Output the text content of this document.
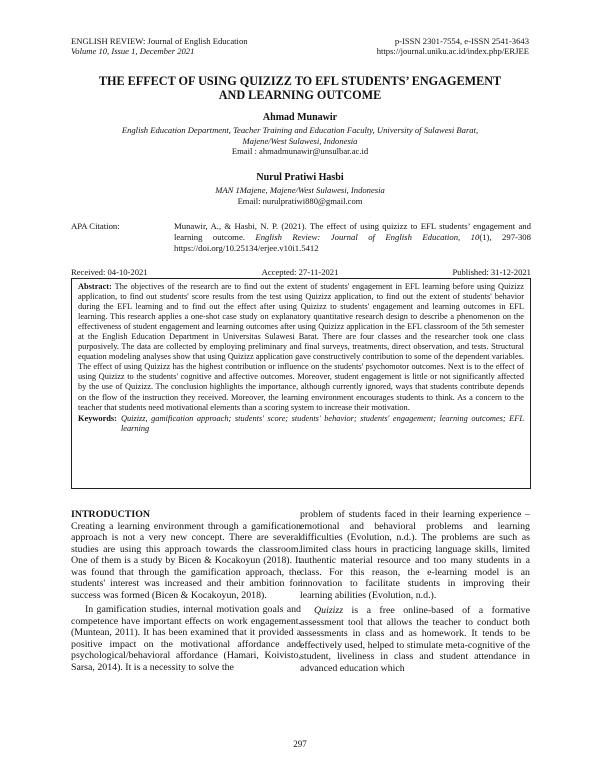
ENGLISH REVIEW: Journal of English Education
Volume 10, Issue 1, December 2021
p-ISSN 2301-7554, e-ISSN 2541-3643
https://journal.uniku.ac.id/index.php/ERJEE
THE EFFECT OF USING QUIZIZZ TO EFL STUDENTS’ ENGAGEMENT
AND LEARNING OUTCOME
Ahmad Munawir
English Education Department, Teacher Training and Education Faculty, University of Sulawesi Barat,
Majene/West Sulawesi, Indonesia
Email : ahmadmunawir@unsulbar.ac.id
Nurul Pratiwi Hasbi
MAN 1Majene, Majene/West Sulawesi, Indonesia
Email: nurulpratiwi880@gmail.com
APA Citation:	Munawir, A., & Hasbi, N. P. (2021). The effect of using quizizz to EFL students’ engagement and learning outcome. English Review: Journal of English Education, 10(1), 297-308 https://doi.org/10.25134/erjee.v10i1.5412
Received: 04-10-2021	Accepted: 27-11-2021	Published: 31-12-2021
Abstract: The objectives of the research are to find out the extent of students' engagement in EFL learning before using Quizizz application, to find out students' score results from the test using Quizizz application, to find out the extent of students' behavior during the EFL learning and to find out the effect after using Quizizz to students' engagement and learning outcomes in EFL learning. This research applies a one-shot case study on explanatory quantitative research design to describe a phenomenon on the effectiveness of student engagement and learning outcomes after using Quizizz application in the EFL classroom of the 5th semester at the English Education Department in Universitas Sulawesi Barat. There are four classes and the researcher took one class purposively. The data are collected by employing preliminary and final surveys, treatments, direct observation, and tests. Structural equation modeling analyses show that using Quizizz application gave constructively contribution to some of the dependent variables. The effect of using Quizizz has the highest contribution or influence on the students' psychomotor outcomes. Next is to the effect of using Quizizz to the students' cognitive and affective outcomes. Moreover, student engagement is little or not significantly affected by the use of Quizizz. The conclusion highlights the importance, although currently ignored, ways that students contribute depends on the flow of the instruction they received. Moreover, the learning environment encourages students to think. As a concern to the teacher that students need motivational elements than a scoring system to increase their motivation.
Keywords: Quizizz, gamification approach; students' score; students' behavior; students' engagement; learning outcomes; EFL learning
INTRODUCTION

Creating a learning environment through a gamification approach is not a very new concept. There are several studies are using this approach towards the classroom. One of them is a study by Bicen & Kocakoyun (2018). It was found that through the gamification approach, the students' interest was increased and their ambition for success was formed (Bicen & Kocakoyun, 2018).

In gamification studies, internal motivation goals and competence have important effects on work engagement. (Muntean, 2011). It has been examined that it provided a positive impact on the motivational affordance and psychological/behavioral affordance (Hamari, Koivisto, Sarsa, 2014). It is a necessity to solve the

problem of students faced in their learning experience –emotional and behavioral problems and learning difficulties (Evolution, n.d.). The problems are such as limited class hours in practicing language skills, limited authentic material resource and too many students in a class. For this reason, the e-learning model is an innovation to facilitate students in improving their learning abilities (Evolution, n.d.).

Quizizz is a free online-based of a formative assessment tool that allows the teacher to conduct both assessments in class and as homework. It tends to be effectively used, helped to stimulate meta-cognitive of the student, liveliness in class and student attendance in advanced education which

297
